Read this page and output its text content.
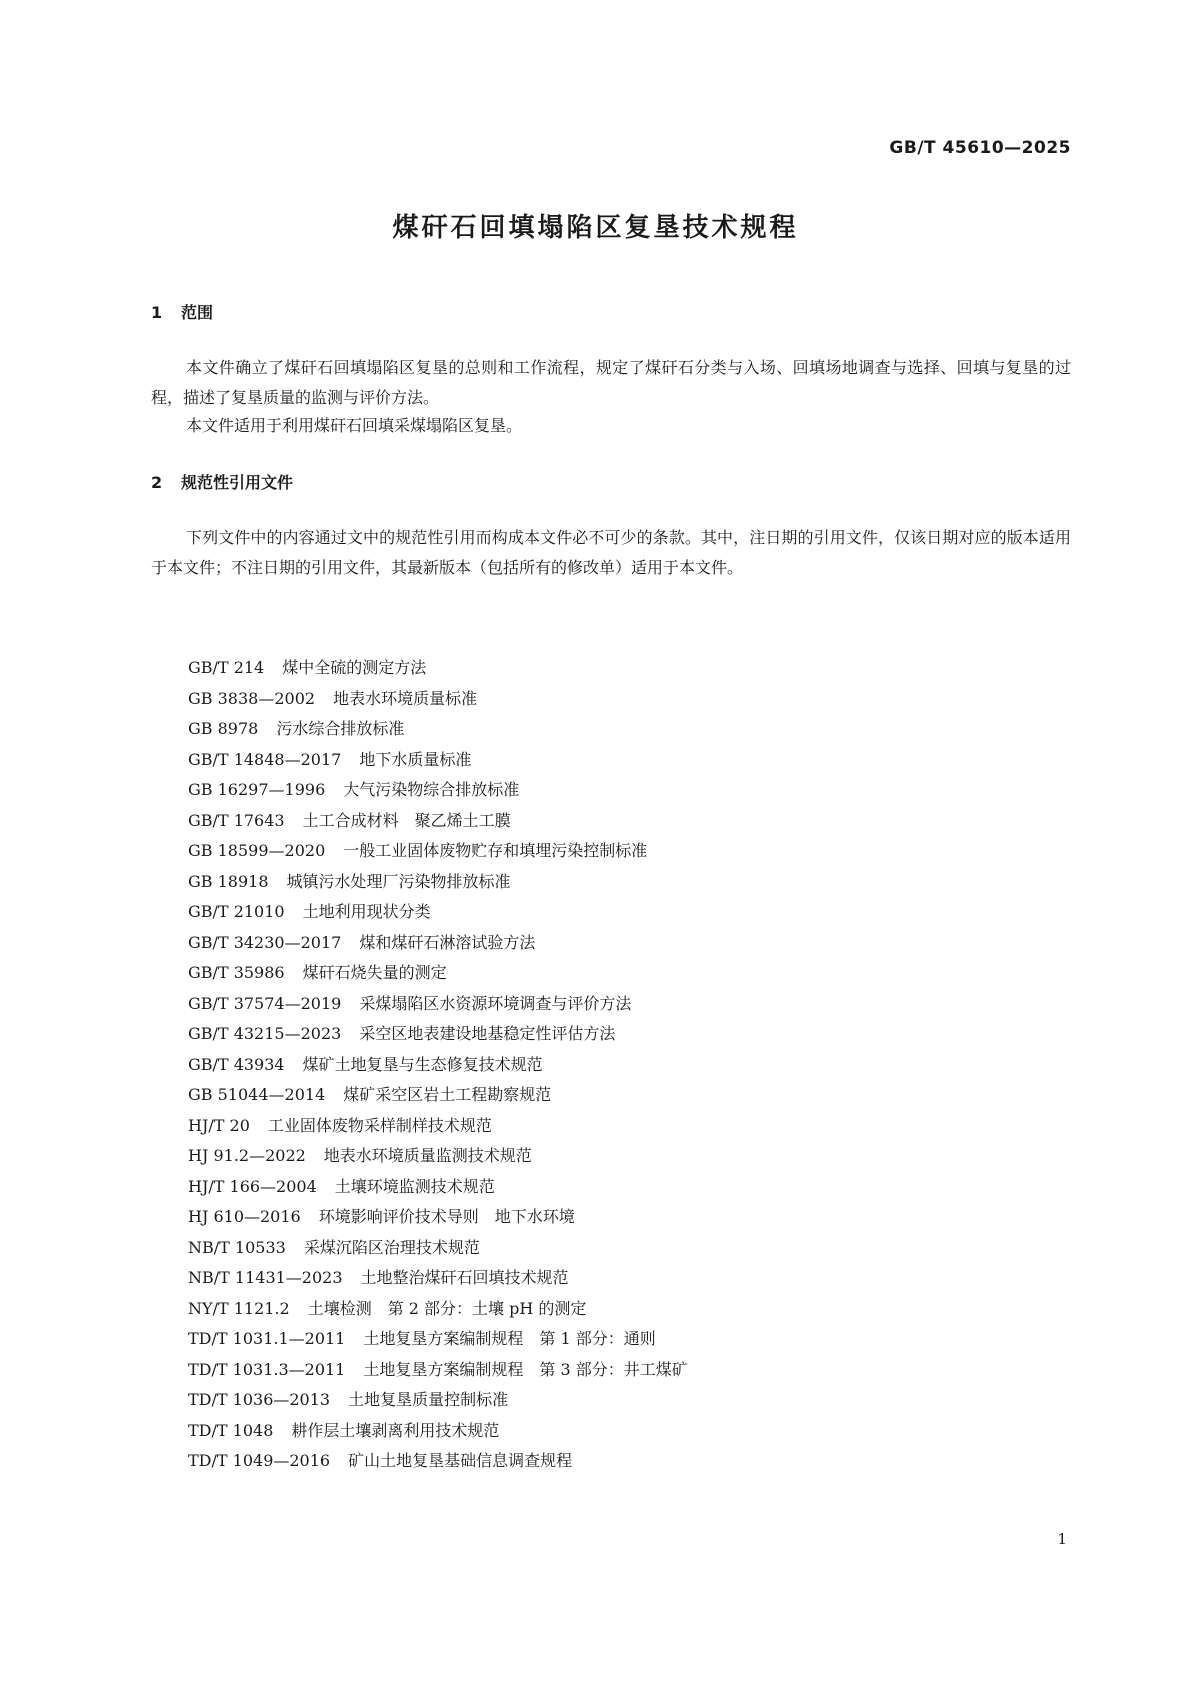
GB/T 45610—2025
煤矸石回填塌陷区复垦技术规程
1 范围
本文件确立了煤矸石回填塌陷区复垦的总则和工作流程，规定了煤矸石分类与入场、回填场地调查与选择、回填与复垦的过程，描述了复垦质量的监测与评价方法。
本文件适用于利用煤矸石回填采煤塌陷区复垦。
2 规范性引用文件
下列文件中的内容通过文中的规范性引用而构成本文件必不可少的条款。其中，注日期的引用文件，仅该日期对应的版本适用于本文件；不注日期的引用文件，其最新版本（包括所有的修改单）适用于本文件。
GB/T 214 煤中全硫的测定方法
GB 3838—2002 地表水环境质量标准
GB 8978 污水综合排放标准
GB/T 14848—2017 地下水质量标准
GB 16297—1996 大气污染物综合排放标准
GB/T 17643 土工合成材料　聚乙烯土工膜
GB 18599—2020 一般工业固体废物贮存和填埋污染控制标准
GB 18918 城镇污水处理厂污染物排放标准
GB/T 21010 土地利用现状分类
GB/T 34230—2017 煤和煤矸石淋溶试验方法
GB/T 35986 煤矸石烧失量的测定
GB/T 37574—2019 采煤塌陷区水资源环境调查与评价方法
GB/T 43215—2023 采空区地表建设地基稳定性评估方法
GB/T 43934 煤矿土地复垦与生态修复技术规范
GB 51044—2014 煤矿采空区岩土工程勘察规范
HJ/T 20 工业固体废物采样制样技术规范
HJ 91.2—2022 地表水环境质量监测技术规范
HJ/T 166—2004 土壤环境监测技术规范
HJ 610—2016 环境影响评价技术导则　地下水环境
NB/T 10533 采煤沉陷区治理技术规范
NB/T 11431—2023 土地整治煤矸石回填技术规范
NY/T 1121.2 土壤检测　第 2 部分：土壤 pH 的测定
TD/T 1031.1—2011 土地复垦方案编制规程　第 1 部分：通则
TD/T 1031.3—2011 土地复垦方案编制规程　第 3 部分：井工煤矿
TD/T 1036—2013 土地复垦质量控制标准
TD/T 1048 耕作层土壤剥离利用技术规范
TD/T 1049—2016 矿山土地复垦基础信息调查规程
1
